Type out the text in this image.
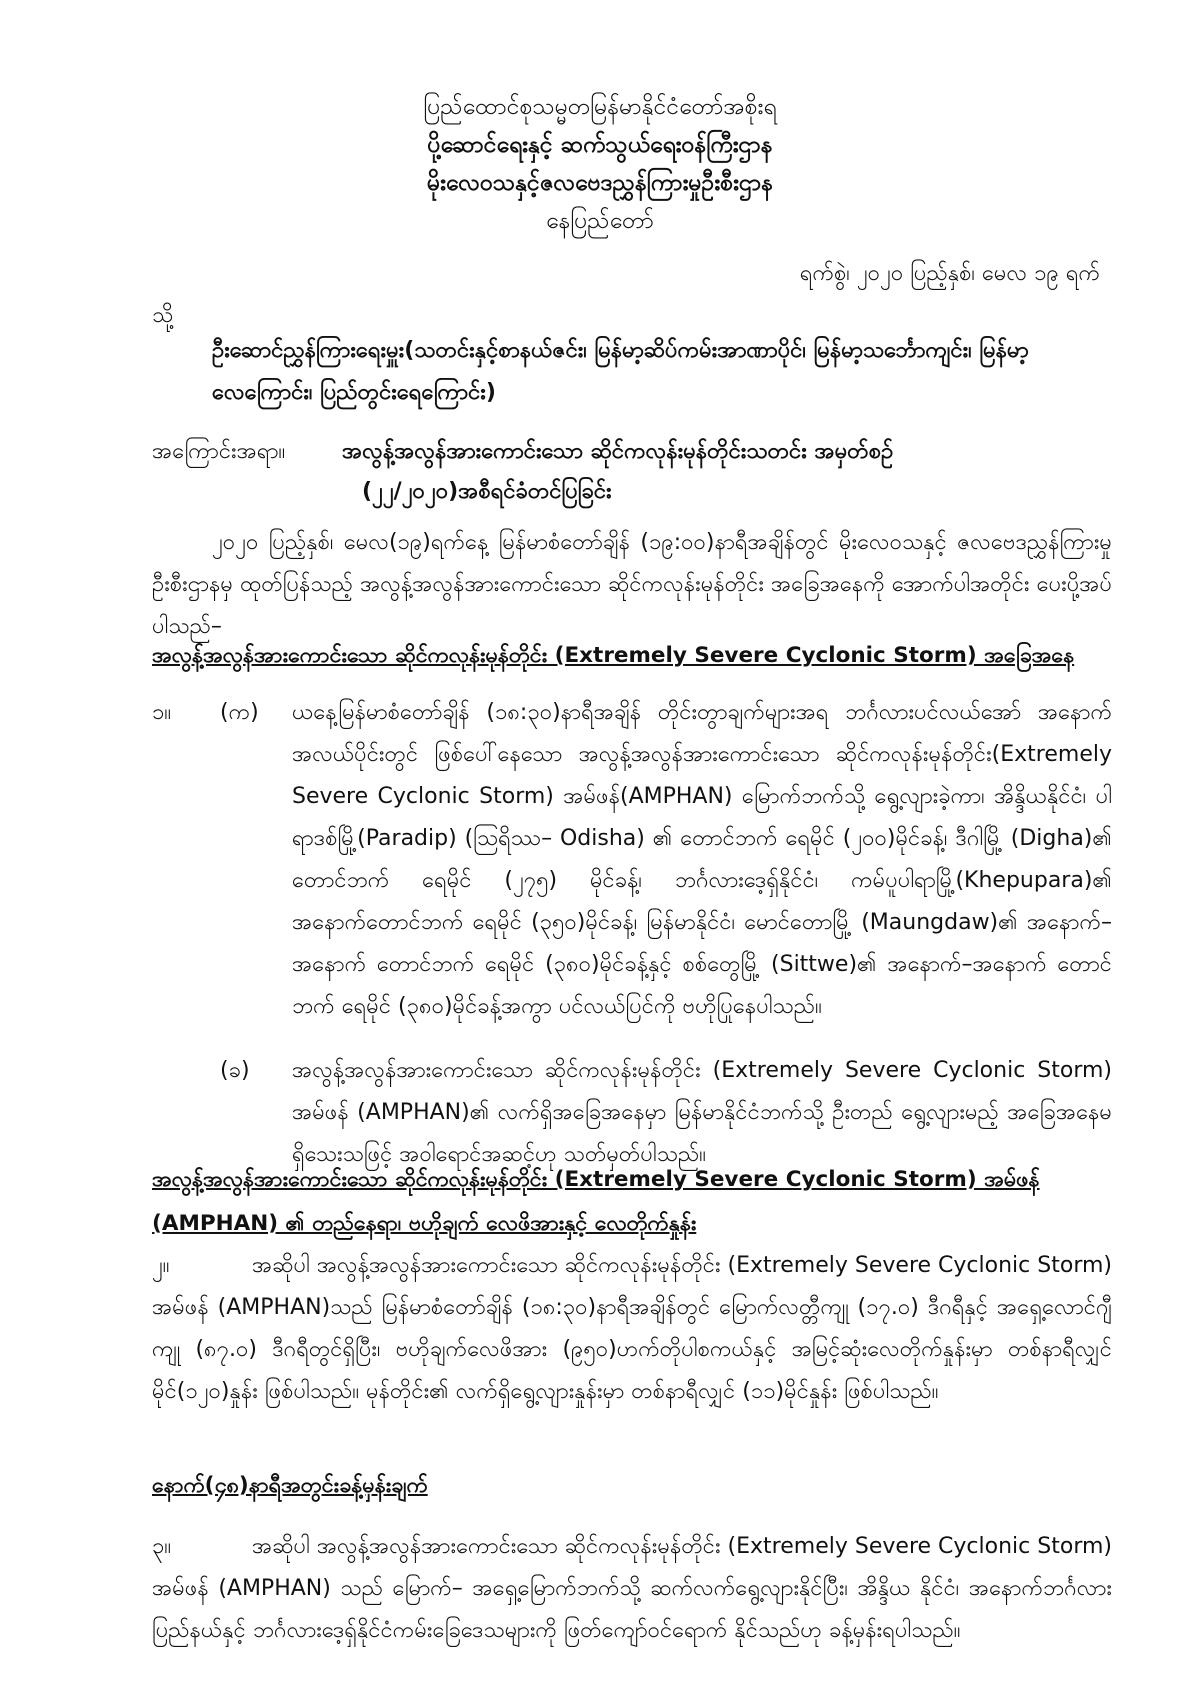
ပြည်ထောင်စုသမ္မတမြန်မာနိုင်ငံတော်အစိုးရ
ပို့ဆောင်ရေးနှင့် ဆက်သွယ်ရေးဝန်ကြီးဌာန
မိုးလေဝသနှင့်ဇလဗေဒညွှန်ကြားမှုဦးစီးဌာန
နေပြည်တော်
ရက်စွဲ၊ ၂၀၂၀ ပြည့်နှစ်၊ မေလ ၁၉ ရက်
သို့
ဦးဆောင်ညွှန်ကြားရေးမှူး(သတင်းနှင့်စာနယ်ဇင်း၊ မြန်မာ့ဆိပ်ကမ်းအာဏာပိုင်၊ မြန်မာ့သင်္ဘောကျင်း၊ မြန်မာ့လေကြောင်း၊ ပြည်တွင်းရေကြောင်း)
အကြောင်းအရာ။	အလွန့်အလွန်အားကောင်းသော ဆိုင်ကလုန်းမုန်တိုင်းသတင်း အမှတ်စဉ်
(၂၂/၂၀၂၀)အစီရင်ခံတင်ပြခြင်း
၂၀၂၀ ပြည့်နှစ်၊ မေလ(၁၉)ရက်နေ့ မြန်မာစံတော်ချိန် (၁၉:၀၀)နာရီအချိန်တွင် မိုးလေဝသနှင့် ဇလဗေဒညွှန်ကြားမှုဦးစီးဌာနမှ ထုတ်ပြန်သည့် အလွန့်အလွန်အားကောင်းသော ဆိုင်ကလုန်းမုန်တိုင်း အခြေအနေကို အောက်ပါအတိုင်း ပေးပို့အပ်ပါသည်–
အလွန့်အလွန်အားကောင်းသော ဆိုင်ကလုန်းမုန်တိုင်း (Extremely Severe Cyclonic Storm) အခြေအနေ
၁။ (က) ယနေ့မြန်မာစံတော်ချိန် (၁၈:၃၀)နာရီအချိန် တိုင်းတွာချက်များအရ ဘင်္ဂလားပင်လယ်အော် အနောက်အလယ်ပိုင်းတွင် ဖြစ်ပေါ်နေသော အလွန့်အလွန်အားကောင်းသော ဆိုင်ကလုန်းမုန်တိုင်း(Extremely Severe Cyclonic Storm) အမ်ဖန်(AMPHAN) မြောက်ဘက်သို့ ရွေ့လျားခဲ့ကာ၊ အိန္ဒိယနိုင်ငံ၊ ပါရာဒစ်မြို့(Paradip) (ဩရိဿ– Odisha) ၏ တောင်ဘက် ရေမိုင် (၂၀၀)မိုင်ခန့်၊ ဒီဂါမြို့ (Digha)၏ တောင်ဘက် ရေမိုင် (၂၇၅) မိုင်ခန့်၊ ဘင်္ဂလားဒေ့ရှ်နိုင်ငံ၊ ကမ်ပူပါရာမြို့(Khepupara)၏ အနောက်တောင်ဘက် ရေမိုင် (၃၅၀)မိုင်ခန့်၊ မြန်မာနိုင်ငံ၊ မောင်တောမြို့ (Maungdaw)၏ အနောက်–အနောက် တောင်ဘက် ရေမိုင် (၃၈၀)မိုင်ခန့်နှင့် စစ်တွေမြို့ (Sittwe)၏ အနောက်–အနောက် တောင်ဘက် ရေမိုင် (၃၈၀)မိုင်ခန့်အကွာ ပင်လယ်ပြင်ကို ဗဟိုပြုနေပါသည်။
(ခ) အလွန့်အလွန်အားကောင်းသော ဆိုင်ကလုန်းမုန်တိုင်း (Extremely Severe Cyclonic Storm) အမ်ဖန် (AMPHAN)၏ လက်ရှိအခြေအနေမှာ မြန်မာနိုင်ငံဘက်သို့ ဦးတည် ရွေ့လျားမည့် အခြေအနေမရှိသေးသဖြင့် အဝါရောင်အဆင့်ဟု သတ်မှတ်ပါသည်။
အလွန့်အလွန်အားကောင်းသော ဆိုင်ကလုန်းမုန်တိုင်း (Extremely Severe Cyclonic Storm) အမ်ဖန် (AMPHAN) ၏ တည်နေရာ၊ ဗဟိုချက် လေဖိအားနှင့် လေတိုက်နှုန်း
၂။	အဆိုပါ အလွန့်အလွန်အားကောင်းသော ဆိုင်ကလုန်းမုန်တိုင်း (Extremely Severe Cyclonic Storm) အမ်ဖန် (AMPHAN)သည် မြန်မာစံတော်ချိန် (၁၈:၃၀)နာရီအချိန်တွင် မြောက်လတ္တီကျု (၁၇.၀) ဒီဂရီနှင့် အရှေ့လောင်ဂျီကျု (၈၇.၀) ဒီဂရီတွင်ရှိပြီး၊ ဗဟိုချက်လေဖိအား (၉၅၀)ဟက်တိုပါစကယ်နှင့် အမြင့်ဆုံးလေတိုက်နှုန်းမှာ တစ်နာရီလျှင် မိုင်(၁၂၀)နှုန်း ဖြစ်ပါသည်။ မုန်တိုင်း၏ လက်ရှိရွေ့လျားနှုန်းမှာ တစ်နာရီလျှင် (၁၁)မိုင်နှုန်း ဖြစ်ပါသည်။
နောက်(၄၈)နာရီအတွင်းခန့်မှန်းချက်
၃။	အဆိုပါ အလွန့်အလွန်အားကောင်းသော ဆိုင်ကလုန်းမုန်တိုင်း (Extremely Severe Cyclonic Storm) အမ်ဖန် (AMPHAN) သည် မြောက်– အရှေ့မြောက်ဘက်သို့ ဆက်လက်ရွေ့လျားနိုင်ပြီး၊ အိန္ဒိယ နိုင်ငံ၊ အနောက်ဘင်္ဂလားပြည်နယ်နှင့် ဘင်္ဂလားဒေ့ရှ်နိုင်ငံကမ်းခြေဒေသများကို ဖြတ်ကျော်ဝင်ရောက် နိုင်သည်ဟု ခန့်မှန်းရပါသည်။
